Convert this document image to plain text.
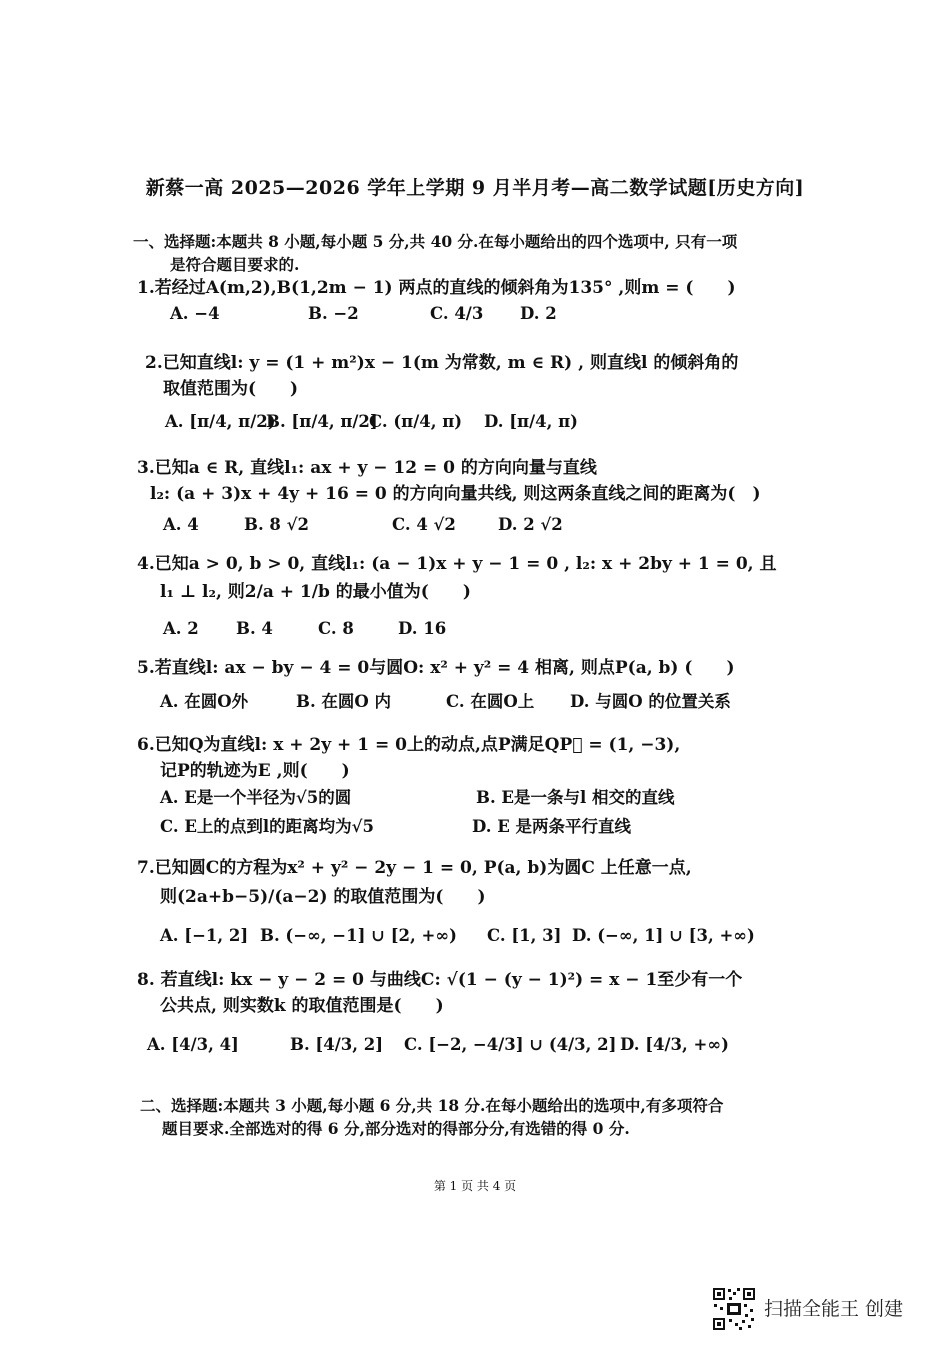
新蔡一高 2025—2026 学年上学期 9 月半月考—高二数学试题[历史方向]
一、选择题:本题共 8 小题,每小题 5 分,共 40 分.在每小题给出的四个选项中, 只有一项
是符合题目要求的.
1.若经过A(m,2),B(1,2m − 1) 两点的直线的倾斜角为135° ,则m = (　　)
A. −4	B. −2	C. 4/3 D. 2
2.已知直线l: y = (1 + m²)x − 1(m 为常数, m ∈ R) , 则直线l 的倾斜角的
取值范围为(　　)
A. [π/4, π/2)
B. [π/4, π/2]
C. (π/4, π) D. [π/4, π)
3.已知a ∈ R, 直线l₁: ax + y − 12 = 0 的方向向量与直线
l₂: (a + 3)x + 4y + 16 = 0 的方向向量共线, 则这两条直线之间的距离为(　)
A. 4	B. 8 √2	C. 4 √2	D. 2 √2
4.已知a > 0, b > 0, 直线l₁: (a − 1)x + y − 1 = 0 , l₂: x + 2by + 1 = 0, 且
l₁ ⊥ l₂, 则2/a + 1/b 的最小值为(　　)
A. 2 B. 4	C. 8	D. 16
5.若直线l: ax − by − 4 = 0与圆O: x² + y² = 4 相离, 则点P(a, b) (　　)
A. 在圆O外	B. 在圆O 内	C. 在圆O上 D. 与圆O 的位置关系
6.已知Q为直线l: x + 2y + 1 = 0上的动点,点P满足QP⃗ = (1, −3),
记P的轨迹为E ,则(　　)
A. E是一个半径为√5的圆	B. E是一条与l 相交的直线
C. E上的点到l的距离均为√5	D. E 是两条平行直线
7.已知圆C的方程为x² + y² − 2y − 1 = 0, P(a, b)为圆C 上任意一点,
则(2a+b−5)/(a−2) 的取值范围为(　　)
A. [−1, 2] B. (−∞, −1] ∪ [2, +∞) C. [1, 3] D. (−∞, 1] ∪ [3, +∞)
8. 若直线l: kx − y − 2 = 0 与曲线C: √(1 − (y − 1)²) = x − 1至少有一个
公共点, 则实数k 的取值范围是(　　)
A. [4/3, 4]	B. [4/3, 2] C. [−2, −4/3] ∪ (4/3, 2] D. [4/3, +∞)
二、选择题:本题共 3 小题,每小题 6 分,共 18 分.在每小题给出的选项中,有多项符合
题目要求.全部选对的得 6 分,部分选对的得部分分,有选错的得 0 分.
第 1 页 共 4 页
扫描全能王 创建
